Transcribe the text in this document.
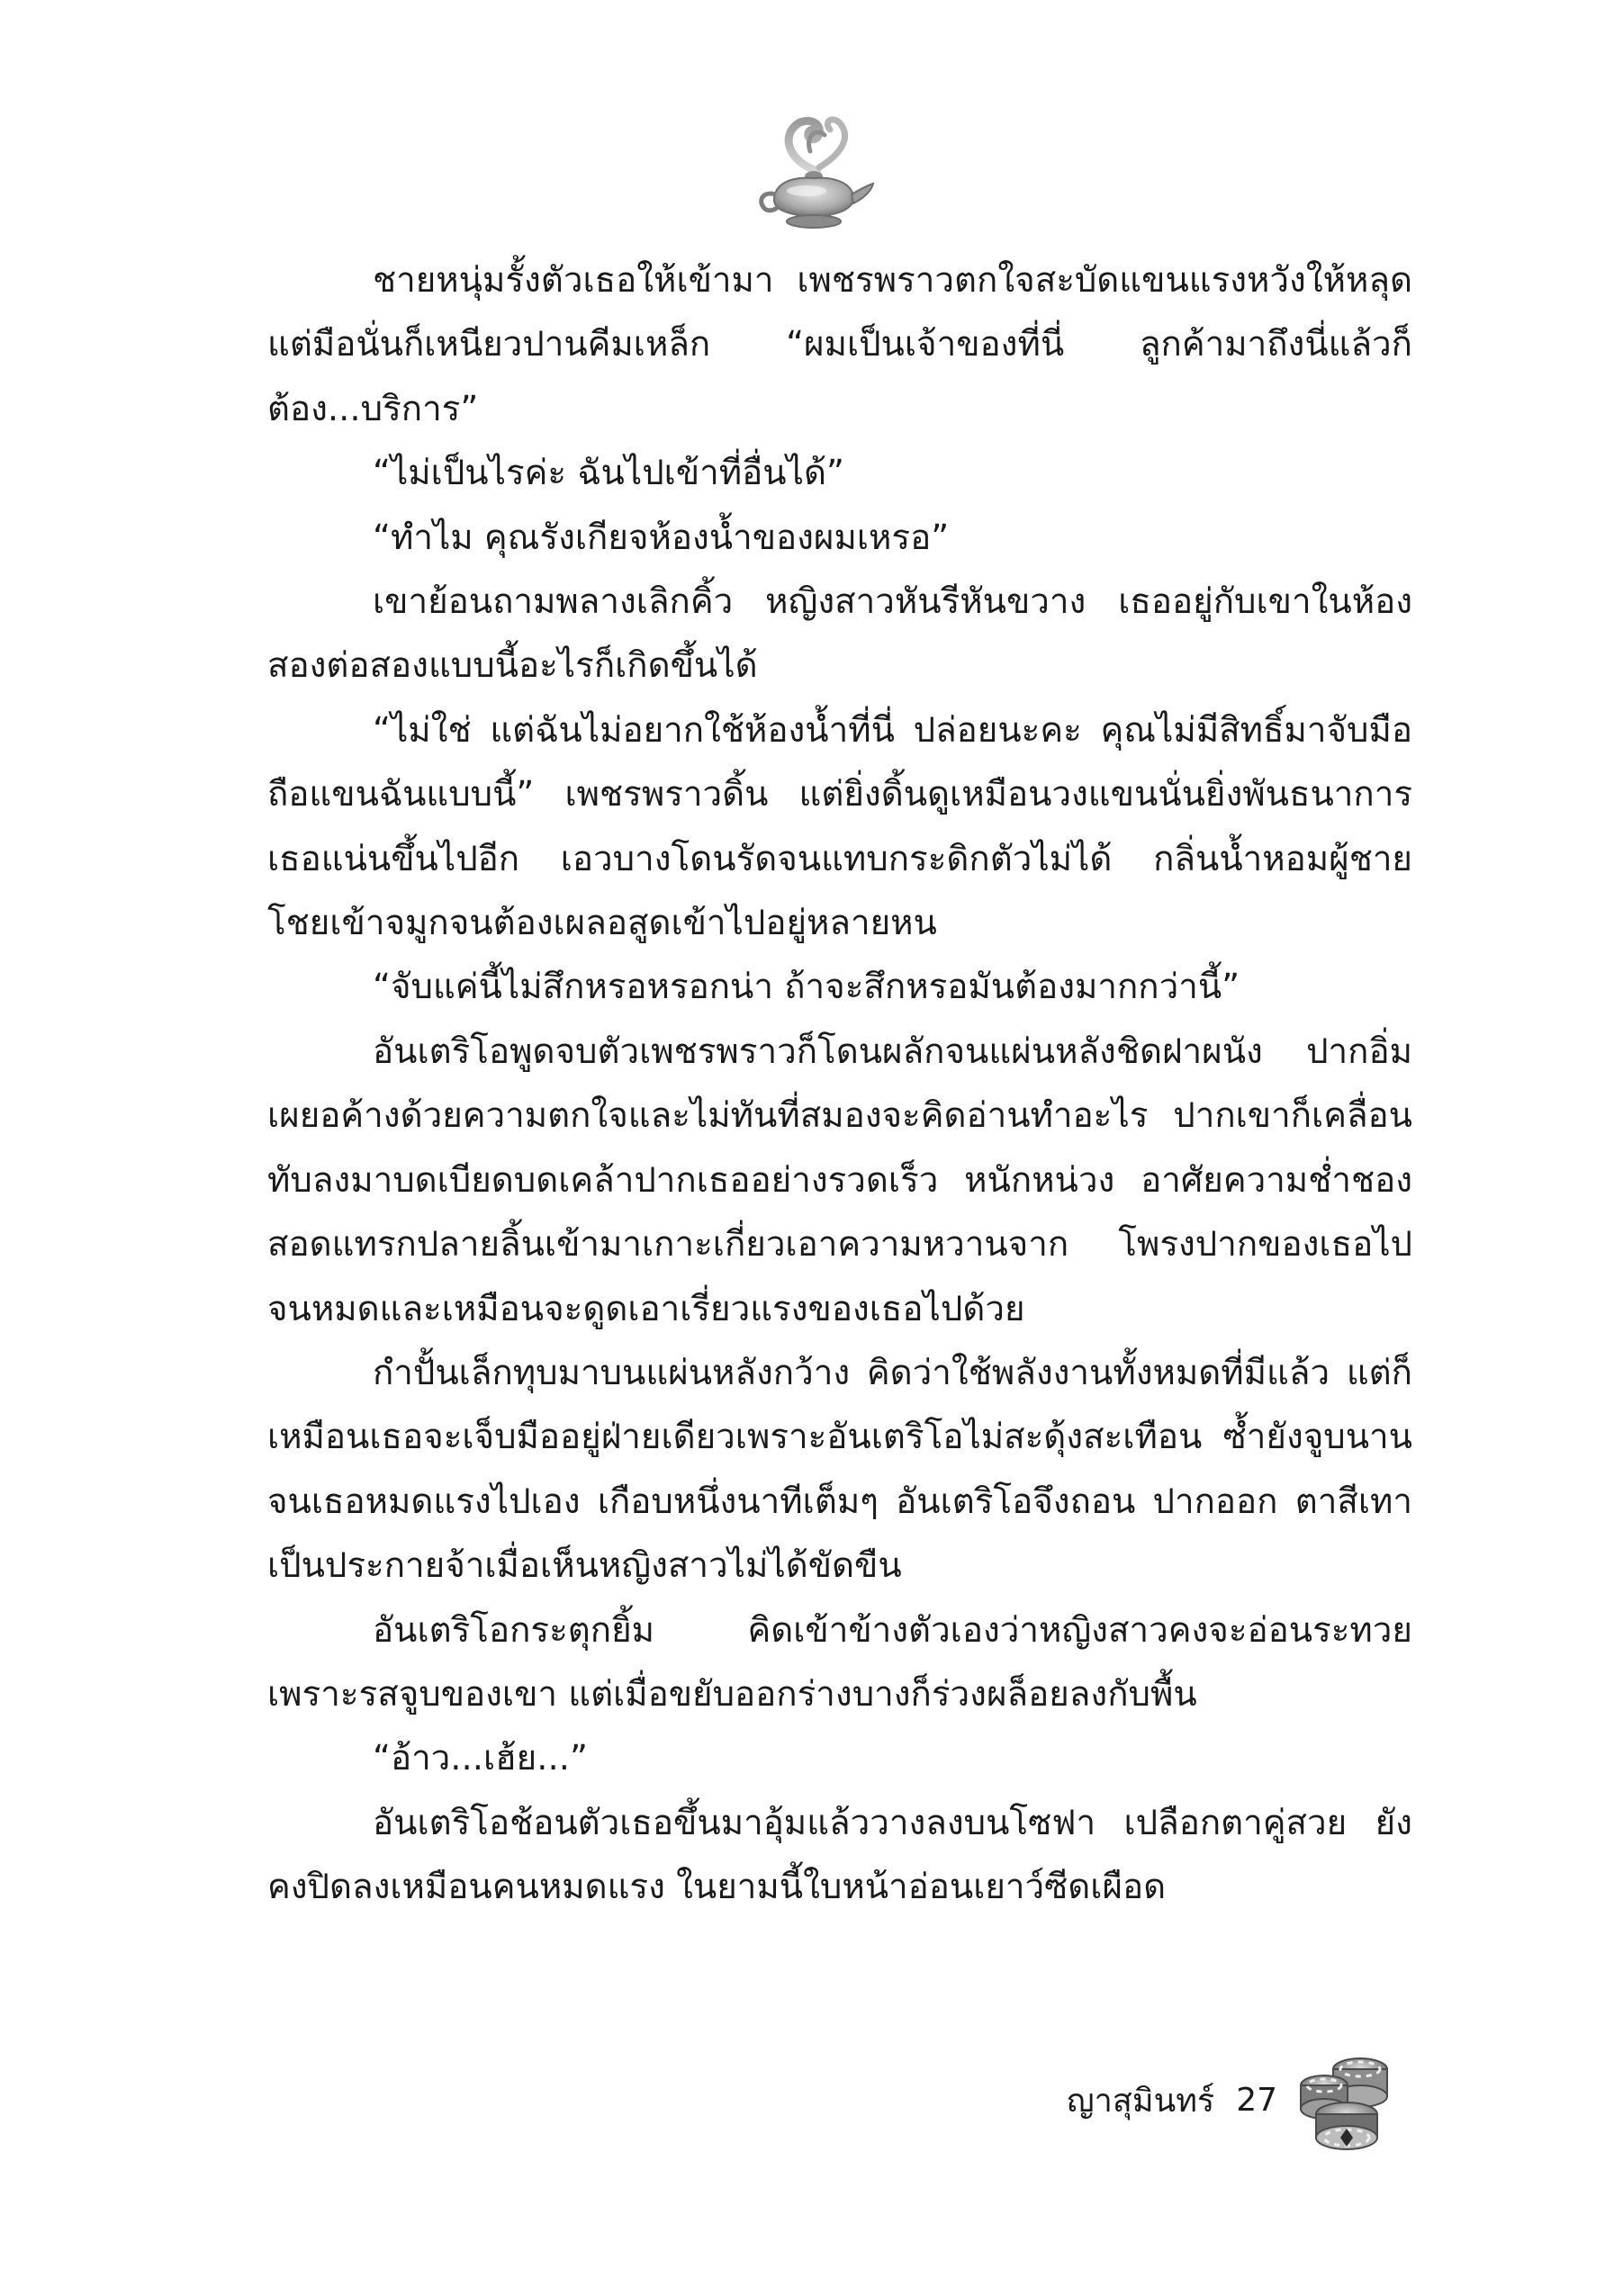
ชายหนุ่มรั้งตัวเธอให้เข้ามา เพชรพราวตกใจสะบัดแขนแรงหวังให้หลุด แต่มือนั่นก็เหนียวปานคีมเหล็ก “ผมเป็นเจ้าของที่นี่ ลูกค้ามาถึงนี่แล้วก็ต้อง...บริการ”

“ไม่เป็นไรค่ะ ฉันไปเข้าที่อื่นได้”

“ทำไม คุณรังเกียจห้องน้ำของผมเหรอ”

เขาย้อนถามพลางเลิกคิ้ว หญิงสาวหันรีหันขวาง เธออยู่กับเขาในห้องสองต่อสองแบบนี้อะไรก็เกิดขึ้นได้

“ไม่ใช่ แต่ฉันไม่อยากใช้ห้องน้ำที่นี่ ปล่อยนะคะ คุณไม่มีสิทธิ์มาจับมือถือแขนฉันแบบนี้” เพชรพราวดิ้น แต่ยิ่งดิ้นดูเหมือนวงแขนนั่นยิ่งพันธนาการเธอแน่นขึ้นไปอีก เอวบางโดนรัดจนแทบกระดิกตัวไม่ได้ กลิ่นน้ำหอมผู้ชายโชยเข้าจมูกจนต้องเผลอสูดเข้าไปอยู่หลายหน

“จับแค่นี้ไม่สึกหรอหรอกน่า ถ้าจะสึกหรอมันต้องมากกว่านี้”

อันเตริโอพูดจบตัวเพชรพราวก็โดนผลักจนแผ่นหลังชิดฝาผนัง ปากอิ่มเผยอค้างด้วยความตกใจและไม่ทันที่สมองจะคิดอ่านทำอะไร ปากเขาก็เคลื่อนทับลงมาบดเบียดบดเคล้าปากเธออย่างรวดเร็ว หนักหน่วง อาศัยความช่ำชองสอดแทรกปลายลิ้นเข้ามาเกาะเกี่ยวเอาความหวานจาก โพรงปากของเธอไปจนหมดและเหมือนจะดูดเอาเรี่ยวแรงของเธอไปด้วย

กำปั้นเล็กทุบมาบนแผ่นหลังกว้าง คิดว่าใช้พลังงานทั้งหมดที่มีแล้ว แต่ก็เหมือนเธอจะเจ็บมืออยู่ฝ่ายเดียวเพราะอันเตริโอไม่สะดุ้งสะเทือน ซ้ำยังจูบนานจนเธอหมดแรงไปเอง เกือบหนึ่งนาทีเต็มๆ อันเตริโอจึงถอน ปากออก ตาสีเทาเป็นประกายจ้าเมื่อเห็นหญิงสาวไม่ได้ขัดขืน

อันเตริโอกระตุกยิ้ม คิดเข้าข้างตัวเองว่าหญิงสาวคงจะอ่อนระทวย เพราะรสจูบของเขา แต่เมื่อขยับออกร่างบางก็ร่วงผล็อยลงกับพื้น

“อ้าว...เฮ้ย...”

อันเตริโอช้อนตัวเธอขึ้นมาอุ้มแล้ววางลงบนโซฟา เปลือกตาคู่สวย ยังคงปิดลงเหมือนคนหมดแรง ในยามนี้ใบหน้าอ่อนเยาว์ซีดเผือด

ญาสุมินทร์ 27
